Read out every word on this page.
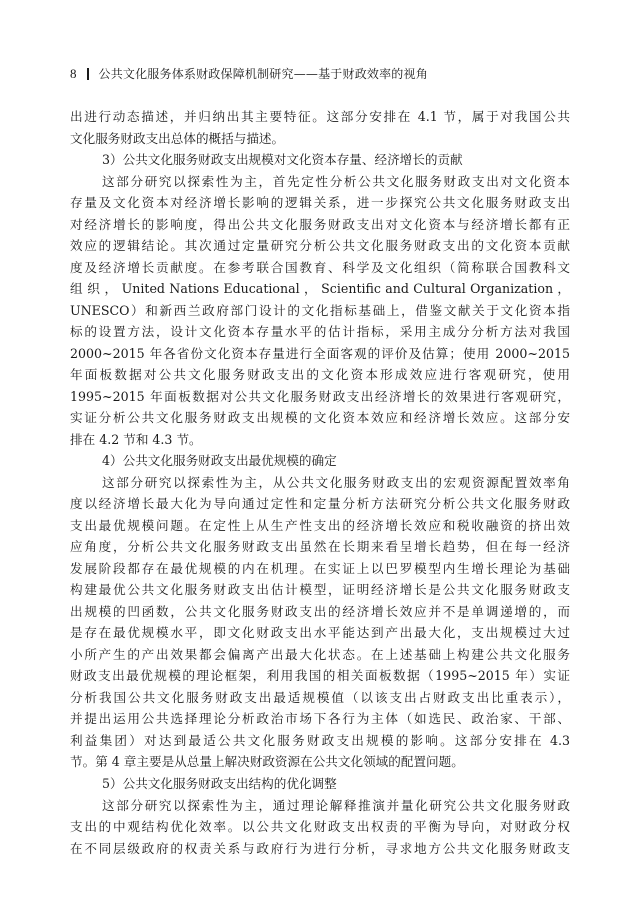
8 公共文化服务体系财政保障机制研究——基于财政效率的视角
出进行动态描述，并归纳出其主要特征。这部分安排在 4.1 节，属于对我国公共
文化服务财政支出总体的概括与描述。
3）公共文化服务财政支出规模对文化资本存量、经济增长的贡献
这部分研究以探索性为主，首先定性分析公共文化服务财政支出对文化资本
存量及文化资本对经济增长影响的逻辑关系，进一步探究公共文化服务财政支出
对经济增长的影响度，得出公共文化服务财政支出对文化资本与经济增长都有正
效应的逻辑结论。其次通过定量研究分析公共文化服务财政支出的文化资本贡献
度及经济增长贡献度。在参考联合国教育、科学及文化组织（简称联合国教科文
组 织 ， United Nations Educational ， Scientific and Cultural Organization ，
UNESCO）和新西兰政府部门设计的文化指标基础上，借鉴文献关于文化资本指
标的设置方法，设计文化资本存量水平的估计指标，采用主成分分析方法对我国
2000~2015 年各省份文化资本存量进行全面客观的评价及估算；使用 2000~2015
年面板数据对公共文化服务财政支出的文化资本形成效应进行客观研究，使用
1995~2015 年面板数据对公共文化服务财政支出经济增长的效果进行客观研究，
实证分析公共文化服务财政支出规模的文化资本效应和经济增长效应。这部分安
排在 4.2 节和 4.3 节。
4）公共文化服务财政支出最优规模的确定
这部分研究以探索性为主，从公共文化服务财政支出的宏观资源配置效率角
度以经济增长最大化为导向通过定性和定量分析方法研究分析公共文化服务财政
支出最优规模问题。在定性上从生产性支出的经济增长效应和税收融资的挤出效
应角度，分析公共文化服务财政支出虽然在长期来看呈增长趋势，但在每一经济
发展阶段都存在最优规模的内在机理。在实证上以巴罗模型内生增长理论为基础
构建最优公共文化服务财政支出估计模型，证明经济增长是公共文化服务财政支
出规模的凹函数，公共文化服务财政支出的经济增长效应并不是单调递增的，而
是存在最优规模水平，即文化财政支出水平能达到产出最大化，支出规模过大过
小所产生的产出效果都会偏离产出最大化状态。在上述基础上构建公共文化服务
财政支出最优规模的理论框架，利用我国的相关面板数据（1995~2015 年）实证
分析我国公共文化服务财政支出最适规模值（以该支出占财政支出比重表示），
并提出运用公共选择理论分析政治市场下各行为主体（如选民、政治家、干部、
利益集团）对达到最适公共文化服务财政支出规模的影响。这部分安排在 4.3
节。第 4 章主要是从总量上解决财政资源在公共文化领域的配置问题。
5）公共文化服务财政支出结构的优化调整
这部分研究以探索性为主，通过理论解释推演并量化研究公共文化服务财政
支出的中观结构优化效率。以公共文化财政支出权责的平衡为导向，对财政分权
在不同层级政府的权责关系与政府行为进行分析，寻求地方公共文化服务财政支
